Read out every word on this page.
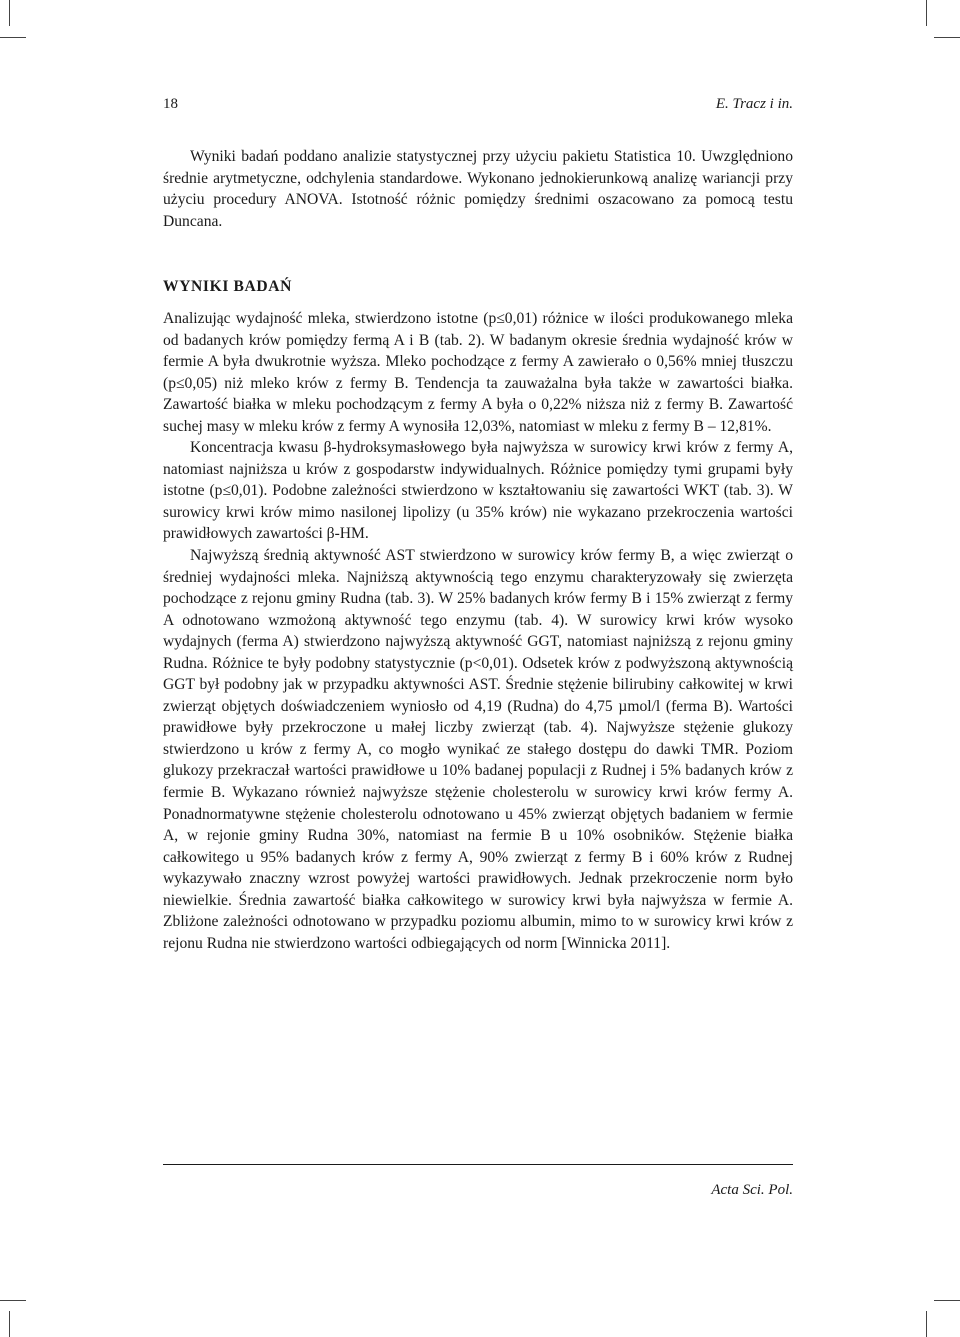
18	E. Tracz i in.

Wyniki badań poddano analizie statystycznej przy użyciu pakietu Statistica 10. Uwzględniono średnie arytmetyczne, odchylenia standardowe. Wykonano jednokierunkową analizę wariancji przy użyciu procedury ANOVA. Istotność różnic pomiędzy średnimi oszacowano za pomocą testu Duncana.

WYNIKI BADAŃ

Analizując wydajność mleka, stwierdzono istotne (p≤0,01) różnice w ilości produkowanego mleka od badanych krów pomiędzy fermą A i B (tab. 2). W badanym okresie średnia wydajność krów w fermie A była dwukrotnie wyższa. Mleko pochodzące z fermy A zawierało o 0,56% mniej tłuszczu (p≤0,05) niż mleko krów z fermy B. Tendencja ta zauważalna była także w zawartości białka. Zawartość białka w mleku pochodzącym z fermy A była o 0,22% niższa niż z fermy B. Zawartość suchej masy w mleku krów z fermy A wynosiła 12,03%, natomiast w mleku z fermy B – 12,81%.

Koncentracja kwasu β-hydroksymasłowego była najwyższa w surowicy krwi krów z fermy A, natomiast najniższa u krów z gospodarstw indywidualnych. Różnice pomiędzy tymi grupami były istotne (p≤0,01). Podobne zależności stwierdzono w kształtowaniu się zawartości WKT (tab. 3). W surowicy krwi krów mimo nasilonej lipolizy (u 35% krów) nie wykazano przekroczenia wartości prawidłowych zawartości β-HM.

Najwyższą średnią aktywność AST stwierdzono w surowicy krów fermy B, a więc zwierząt o średniej wydajności mleka. Najniższą aktywnością tego enzymu charakteryzowały się zwierzęta pochodzące z rejonu gminy Rudna (tab. 3). W 25% badanych krów fermy B i 15% zwierząt z fermy A odnotowano wzmożoną aktywność tego enzymu (tab. 4). W surowicy krwi krów wysoko wydajnych (ferma A) stwierdzono najwyższą aktywność GGT, natomiast najniższą z rejonu gminy Rudna. Różnice te były podobny statystycznie (p<0,01). Odsetek krów z podwyższoną aktywnością GGT był podobny jak w przypadku aktywności AST. Średnie stężenie bilirubiny całkowitej w krwi zwierząt objętych doświadczeniem wyniosło od 4,19 (Rudna) do 4,75 µmol/l (ferma B). Wartości prawidłowe były przekroczone u małej liczby zwierząt (tab. 4). Najwyższe stężenie glukozy stwierdzono u krów z fermy A, co mogło wynikać ze stałego dostępu do dawki TMR. Poziom glukozy przekraczał wartości prawidłowe u 10% badanej populacji z Rudnej i 5% badanych krów z fermie B. Wykazano również najwyższe stężenie cholesterolu w surowicy krwi krów fermy A. Ponadnormatywne stężenie cholesterolu odnotowano u 45% zwierząt objętych badaniem w fermie A, w rejonie gminy Rudna 30%, natomiast na fermie B u 10% osobników. Stężenie białka całkowitego u 95% badanych krów z fermy A, 90% zwierząt z fermy B i 60% krów z Rudnej wykazywało znaczny wzrost powyżej wartości prawidłowych. Jednak przekroczenie norm było niewielkie. Średnia zawartość białka całkowitego w surowicy krwi była najwyższa w fermie A. Zbliżone zależności odnotowano w przypadku poziomu albumin, mimo to w surowicy krwi krów z rejonu Rudna nie stwierdzono wartości odbiegających od norm [Winnicka 2011].

Acta Sci. Pol.
